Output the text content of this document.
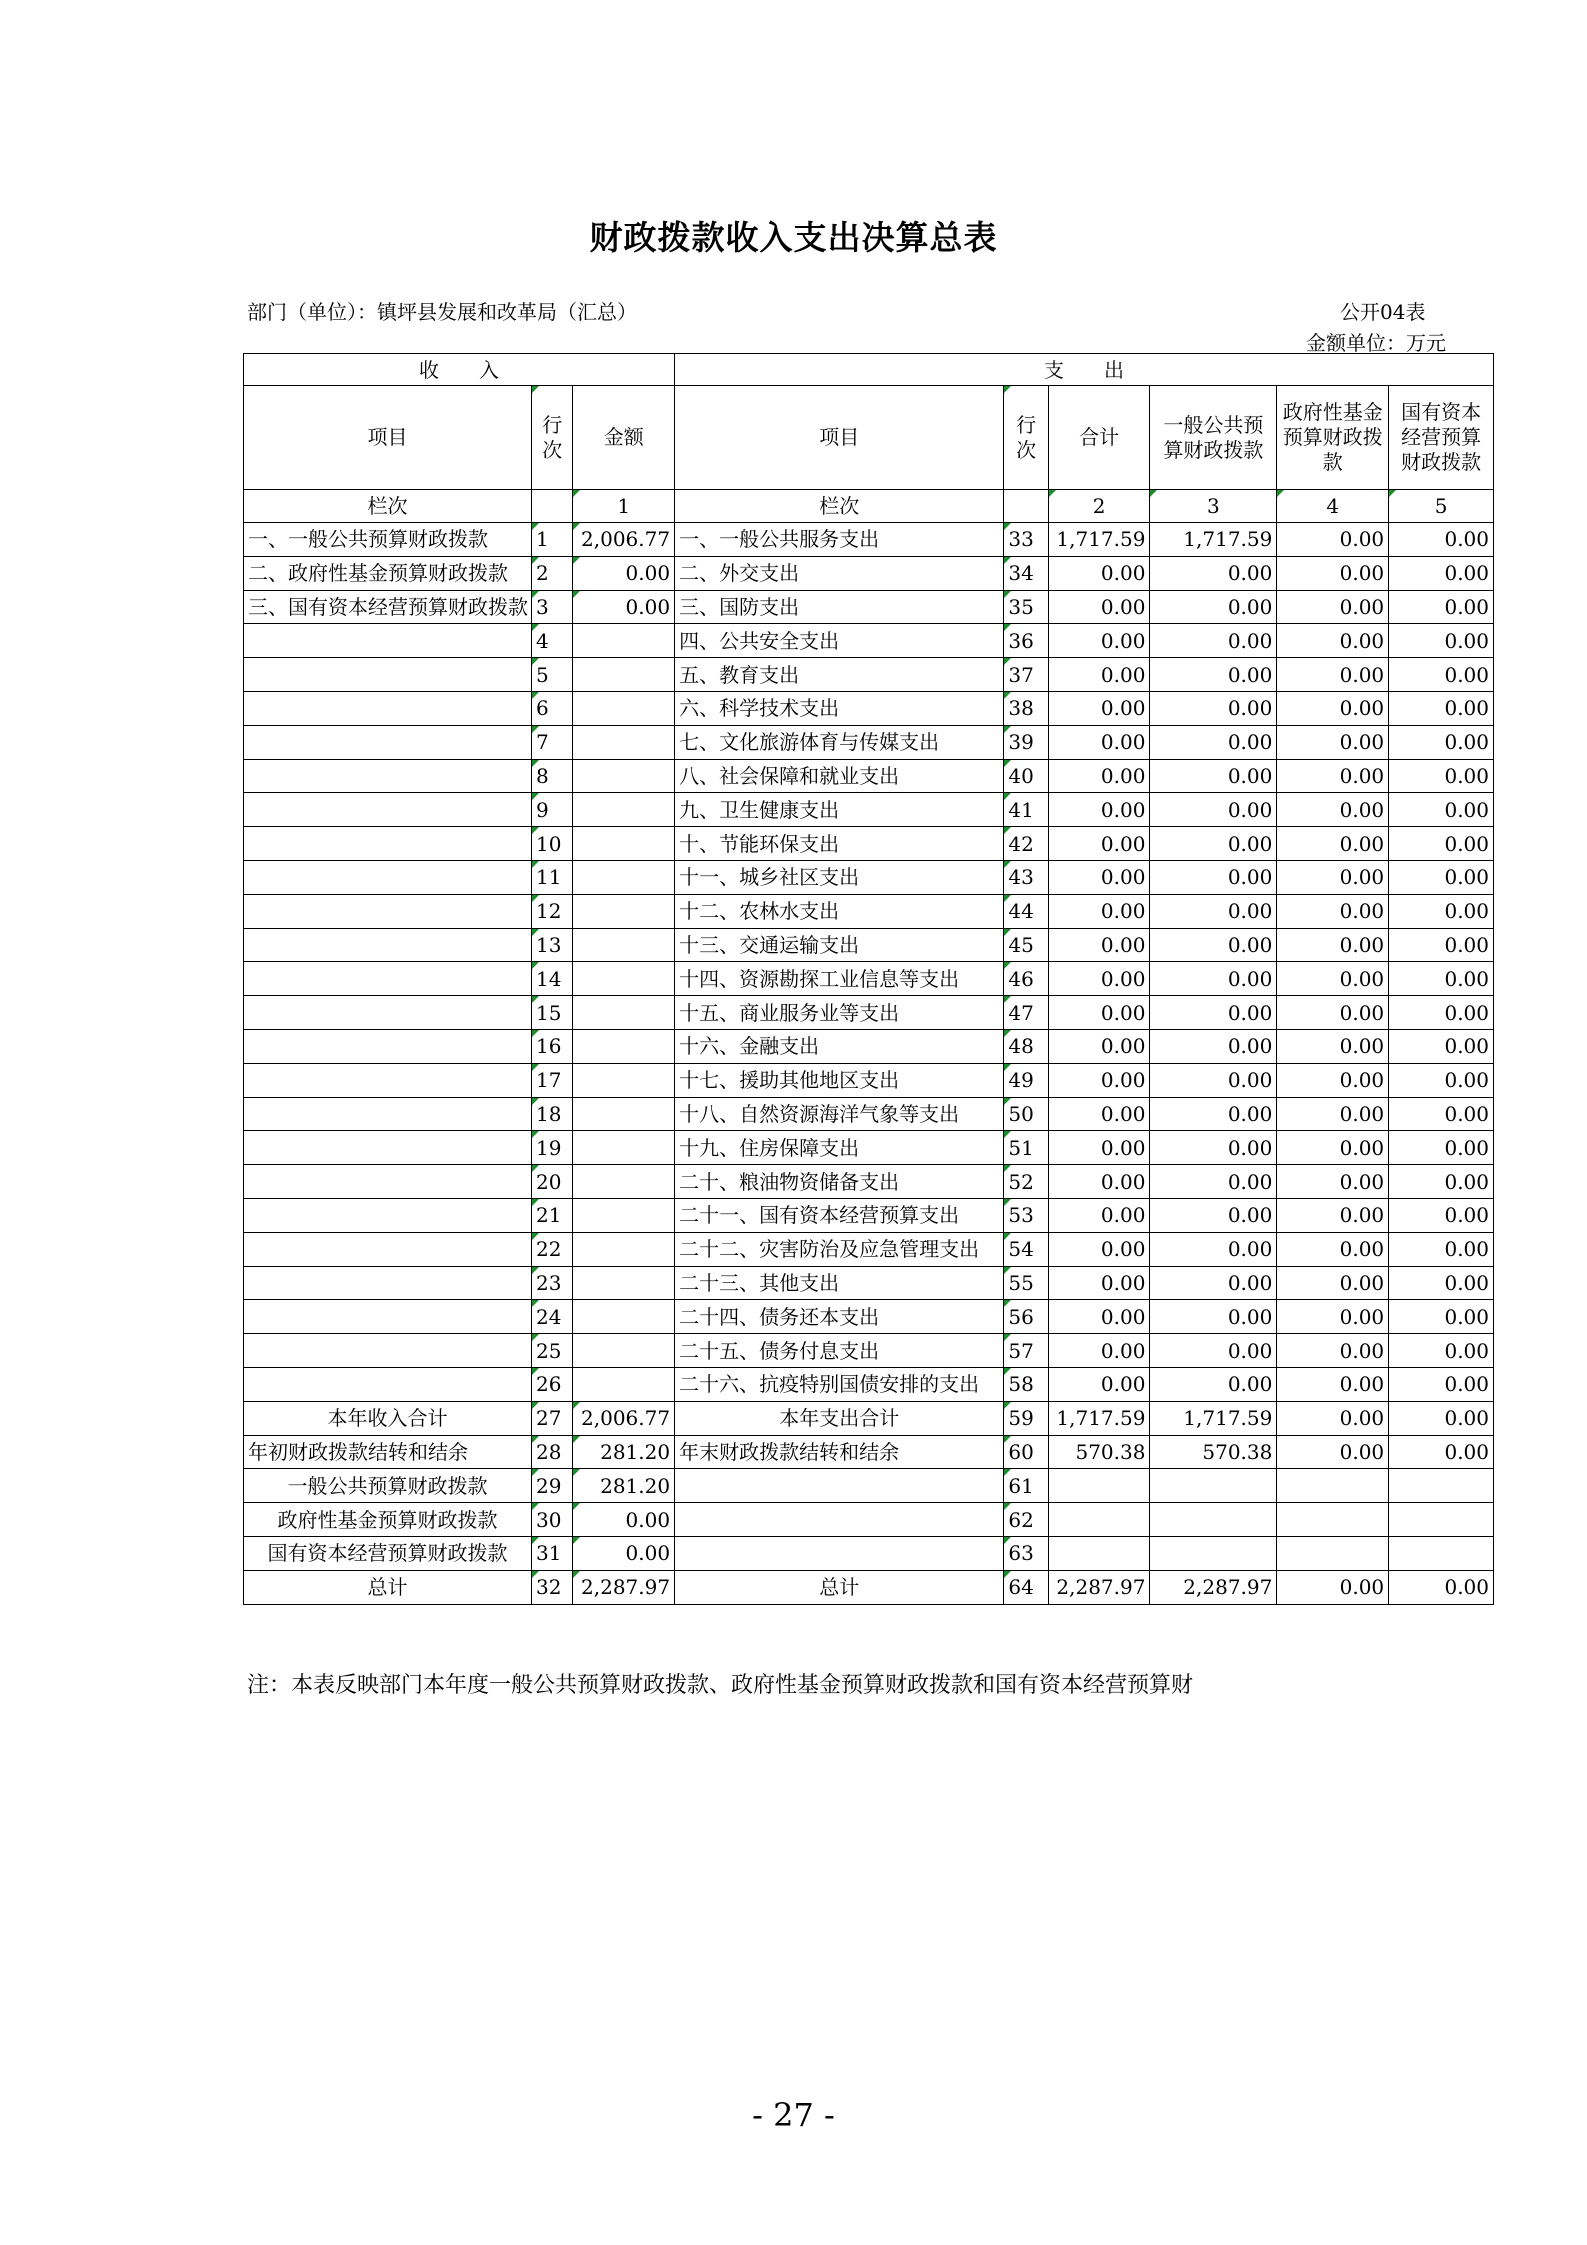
财政拨款收入支出决算总表
部门（单位）：镇坪县发展和改革局（汇总）	公开04表
金额单位：万元
收　　入			支　　出					
项目	行次	金额	项目	行次	合计	一般公共预算财政拨款	政府性基金预算财政拨款	国有资本经营预算财政拨款
栏次		1	栏次		2	3	4	5
一、一般公共预算财政拨款	1	2,006.77	一、一般公共服务支出	33	1,717.59	1,717.59	0.00	0.00
二、政府性基金预算财政拨款	2	0.00	二、外交支出	34	0.00	0.00	0.00	0.00
三、国有资本经营预算财政拨款	3	0.00	三、国防支出	35	0.00	0.00	0.00	0.00
	4		四、公共安全支出	36	0.00	0.00	0.00	0.00
	5		五、教育支出	37	0.00	0.00	0.00	0.00
	6		六、科学技术支出	38	0.00	0.00	0.00	0.00
	7		七、文化旅游体育与传媒支出	39	0.00	0.00	0.00	0.00
	8		八、社会保障和就业支出	40	0.00	0.00	0.00	0.00
	9		九、卫生健康支出	41	0.00	0.00	0.00	0.00
	10		十、节能环保支出	42	0.00	0.00	0.00	0.00
	11		十一、城乡社区支出	43	0.00	0.00	0.00	0.00
	12		十二、农林水支出	44	0.00	0.00	0.00	0.00
	13		十三、交通运输支出	45	0.00	0.00	0.00	0.00
	14		十四、资源勘探工业信息等支出	46	0.00	0.00	0.00	0.00
	15		十五、商业服务业等支出	47	0.00	0.00	0.00	0.00
	16		十六、金融支出	48	0.00	0.00	0.00	0.00
	17		十七、援助其他地区支出	49	0.00	0.00	0.00	0.00
	18		十八、自然资源海洋气象等支出	50	0.00	0.00	0.00	0.00
	19		十九、住房保障支出	51	0.00	0.00	0.00	0.00
	20		二十、粮油物资储备支出	52	0.00	0.00	0.00	0.00
	21		二十一、国有资本经营预算支出	53	0.00	0.00	0.00	0.00
	22		二十二、灾害防治及应急管理支出	54	0.00	0.00	0.00	0.00
	23		二十三、其他支出	55	0.00	0.00	0.00	0.00
	24		二十四、债务还本支出	56	0.00	0.00	0.00	0.00
	25		二十五、债务付息支出	57	0.00	0.00	0.00	0.00
	26		二十六、抗疫特别国债安排的支出	58	0.00	0.00	0.00	0.00
本年收入合计	27	2,006.77	本年支出合计	59	1,717.59	1,717.59	0.00	0.00
年初财政拨款结转和结余	28	281.20	年末财政拨款结转和结余	60	570.38	570.38	0.00	0.00
一般公共预算财政拨款	29	281.20		61				
政府性基金预算财政拨款	30	0.00		62				
国有资本经营预算财政拨款	31	0.00		63				
总计	32	2,287.97	总计	64	2,287.97	2,287.97	0.00	0.00
注：本表反映部门本年度一般公共预算财政拨款、政府性基金预算财政拨款和国有资本经营预算财
- 27 -
